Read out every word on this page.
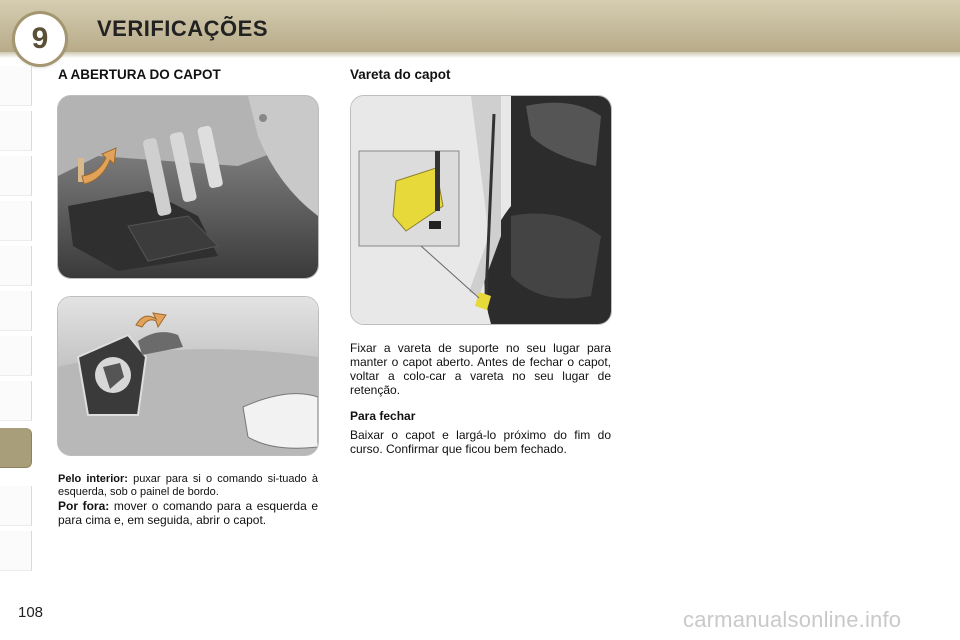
9	VERIFICAÇÕES
A ABERTURA DO CAPOT
Pelo interior: puxar para si o comando si-tuado à esquerda, sob o painel de bordo.
Por fora: mover o comando para a esquerda e para cima e, em seguida, abrir o capot.
Vareta do capot
Fixar a vareta de suporte no seu lugar para manter o capot aberto. Antes de fechar o capot, voltar a colo-car a vareta no seu lugar de retenção.
Para fechar
Baixar o capot e largá-lo próximo do fim do curso. Confirmar que ficou bem fechado.
108	carmanualsonline.info
